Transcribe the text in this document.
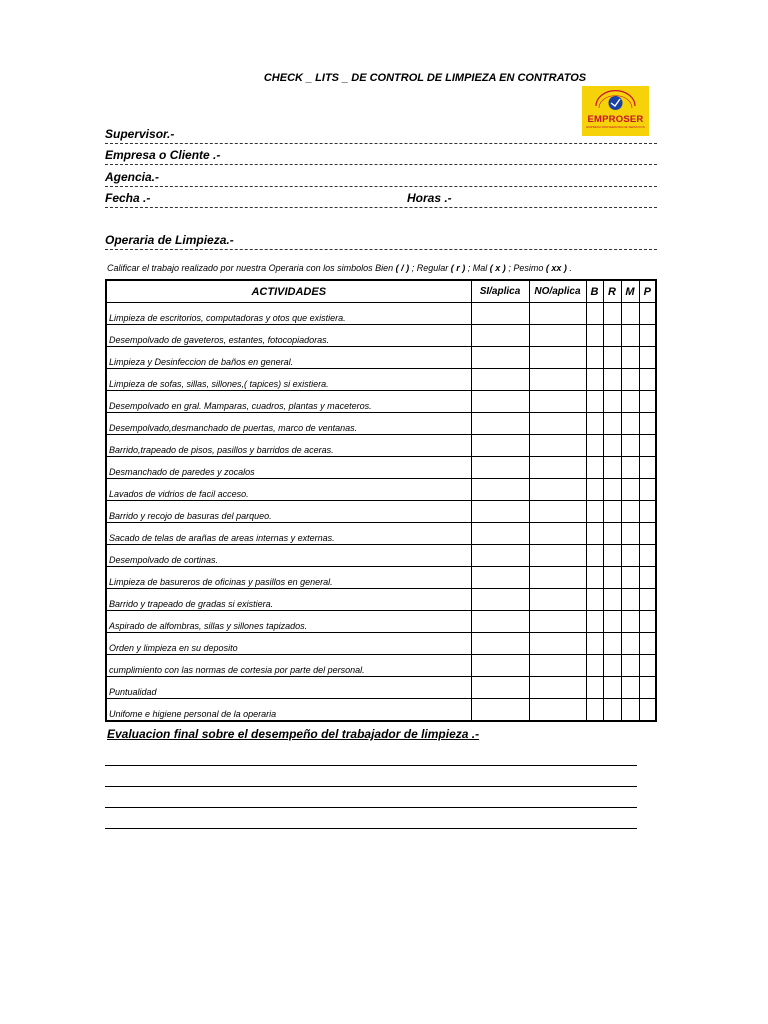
CHECK _ LITS _ DE CONTROL DE LIMPIEZA EN CONTRATOS
EMPROSER
EMPRESA PROVEEDORA DE SERVICIOS
Supervisor.-
Empresa o Cliente .-
Agencia.-
Fecha .-	Horas .-
Operaria de Limpieza.-
Calificar el trabajo realizado por nuestra Operaria con los simbolos Bien ( / ) ; Regular ( r ) ; Mal ( x ) ; Pesimo ( xx ) .
ACTIVIDADES	SI/aplica	NO/aplica	B	R	M	P
Limpieza de escritorios, computadoras y otos que existiera.						
Desempolvado de gaveteros, estantes, fotocopiadoras.						
Limpieza y Desinfeccion de baños en general.						
Limpieza de sofas, sillas, sillones,( tapices) si existiera.						
Desempolvado en gral. Mamparas, cuadros, plantas y maceteros.						
Desempolvado,desmanchado de puertas, marco de ventanas.						
Barrido,trapeado de pisos, pasillos y barridos de aceras.						
Desmanchado de paredes y zocalos						
Lavados de vidrios de facil acceso.						
Barrido y recojo de basuras del parqueo.						
Sacado de telas de arañas de areas internas y externas.						
Desempolvado de cortinas.						
Limpieza de basureros de oficinas y pasillos en general.						
Barrido y trapeado de gradas si existiera.						
Aspirado de alfombras, sillas y sillones tapizados.						
Orden y limpieza en su deposito						
cumplimiento con las normas de cortesia por parte del personal.						
Puntualidad						
Unifome e higiene personal de la operaria						
Evaluacion final sobre el desempeño del trabajador de limpieza .-
